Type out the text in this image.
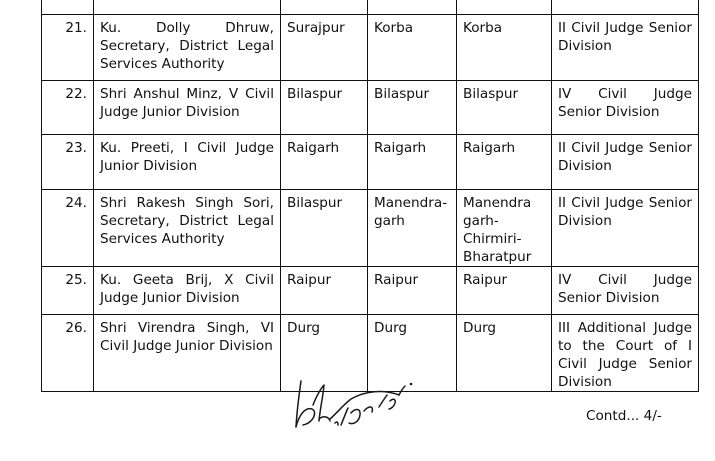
21.	Ku. Dolly Dhruw, Secretary, District Legal Services Authority	Surajpur	Korba	Korba	II Civil Judge Senior Division
22.	Shri Anshul Minz, V Civil Judge Junior Division	Bilaspur	Bilaspur	Bilaspur	IV Civil Judge Senior Division
23.	Ku. Preeti, I Civil Judge Junior Division	Raigarh	Raigarh	Raigarh	II Civil Judge Senior Division
24.	Shri Rakesh Singh Sori, Secretary, District Legal Services Authority	Bilaspur	Manendra-garh	Manendra garh-Chirmiri-Bharatpur	II Civil Judge Senior Division
25.	Ku. Geeta Brij, X Civil Judge Junior Division	Raipur	Raipur	Raipur	IV Civil Judge Senior Division
26.	Shri Virendra Singh, VI Civil Judge Junior Division	Durg	Durg	Durg	III Additional Judge to the Court of I Civil Judge Senior Division
Contd... 4/-
